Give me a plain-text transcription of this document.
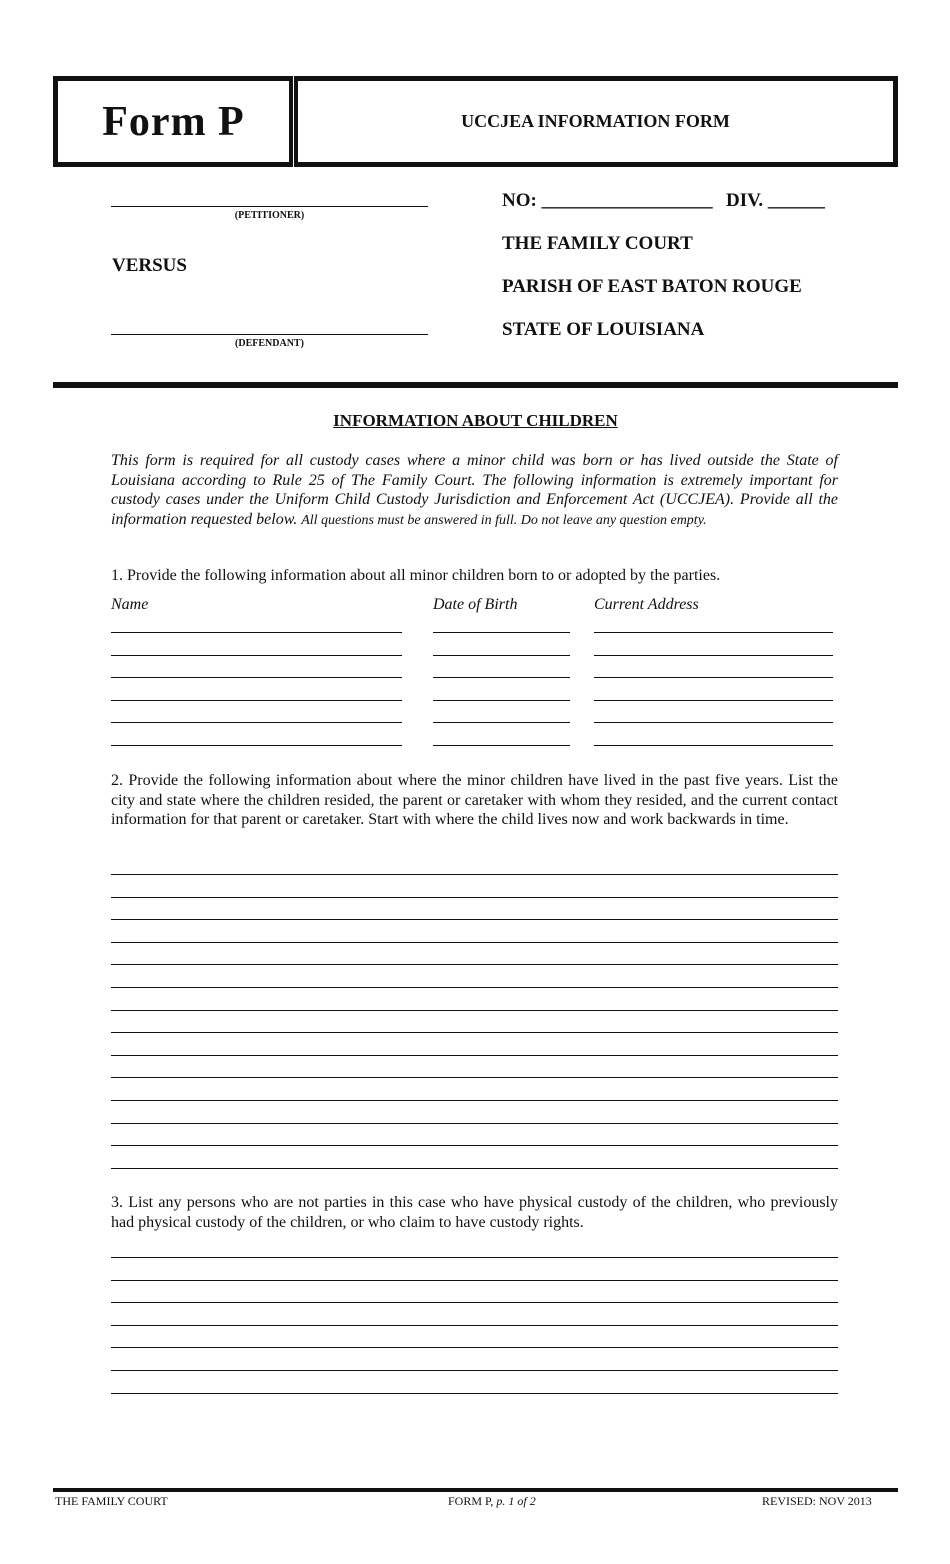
Form P	UCCJEA INFORMATION FORM
(PETITIONER)
VERSUS
(DEFENDANT)
NO: __________________ DIV. ______
THE FAMILY COURT
PARISH OF EAST BATON ROUGE
STATE OF LOUISIANA
INFORMATION ABOUT CHILDREN
This form is required for all custody cases where a minor child was born or has lived outside the State of Louisiana according to Rule 25 of The Family Court. The following information is extremely important for custody cases under the Uniform Child Custody Jurisdiction and Enforcement Act (UCCJEA). Provide all the information requested below. All questions must be answered in full. Do not leave any question empty.
1. Provide the following information about all minor children born to or adopted by the parties.
Name	Date of Birth	Current Address
2. Provide the following information about where the minor children have lived in the past five years. List the city and state where the children resided, the parent or caretaker with whom they resided, and the current contact information for that parent or caretaker. Start with where the child lives now and work backwards in time.
3. List any persons who are not parties in this case who have physical custody of the children, who previously had physical custody of the children, or who claim to have custody rights.
THE FAMILY COURT	FORM P, p. 1 of 2	REVISED: NOV 2013
